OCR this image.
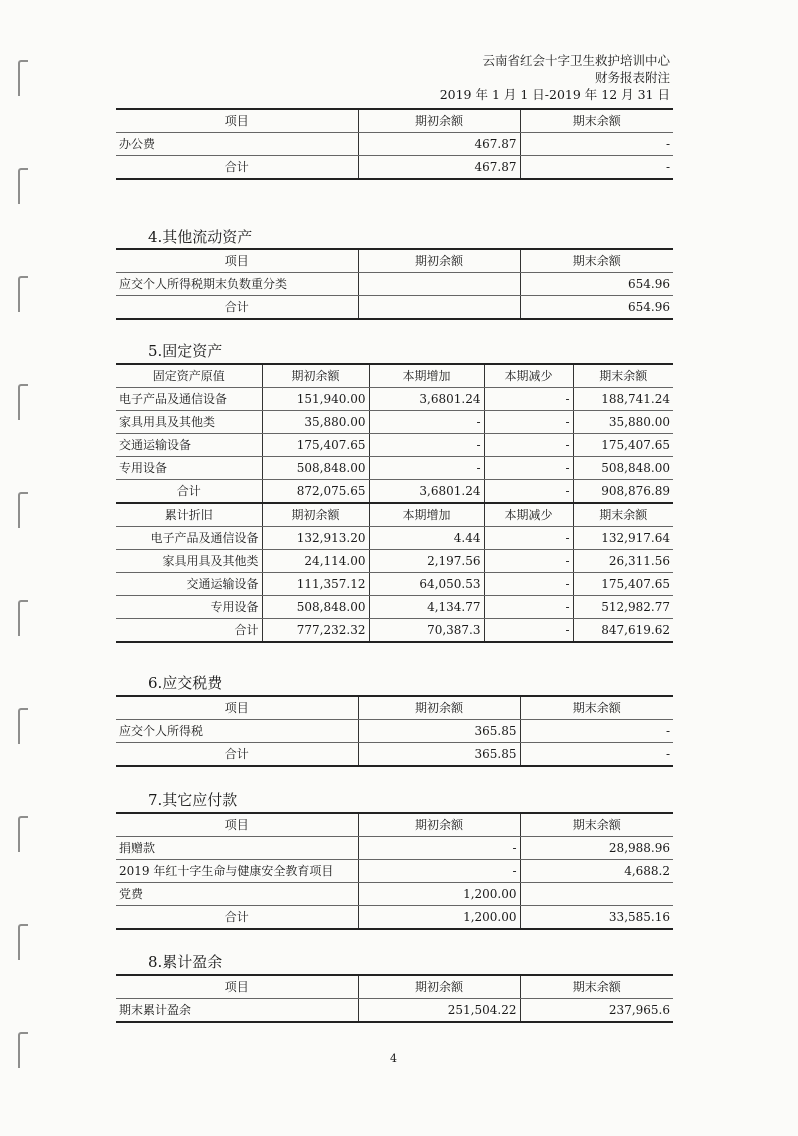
云南省红会十字卫生救护培训中心
财务报表附注
2019 年 1 月 1 日-2019 年 12 月 31 日
项目	期初余额	期末余额
办公费	467.87	-
合计	467.87	-
4.其他流动资产
项目	期初余额	期末余额
应交个人所得税期末负数重分类		654.96
合计		654.96
5.固定资产
固定资产原值	期初余额	本期增加	本期减少	期末余额
电子产品及通信设备	151,940.00	3,6801.24	-	188,741.24
家具用具及其他类	35,880.00	-	-	35,880.00
交通运输设备	175,407.65	-	-	175,407.65
专用设备	508,848.00	-	-	508,848.00
合计	872,075.65	3,6801.24	-	908,876.89
累计折旧	期初余额	本期增加	本期减少	期末余额
电子产品及通信设备	132,913.20	4.44	-	132,917.64
家具用具及其他类	24,114.00	2,197.56	-	26,311.56
交通运输设备	111,357.12	64,050.53	-	175,407.65
专用设备	508,848.00	4,134.77	-	512,982.77
合计	777,232.32	70,387.3	-	847,619.62
6.应交税费
项目	期初余额	期末余额
应交个人所得税	365.85	-
合计	365.85	-
7.其它应付款
项目	期初余额	期末余额
捐赠款	-	28,988.96
2019 年红十字生命与健康安全教育项目	-	4,688.2
党费	1,200.00	
合计	1,200.00	33,585.16
8.累计盈余
项目	期初余额	期末余额
期末累计盈余	251,504.22	237,965.6
4
